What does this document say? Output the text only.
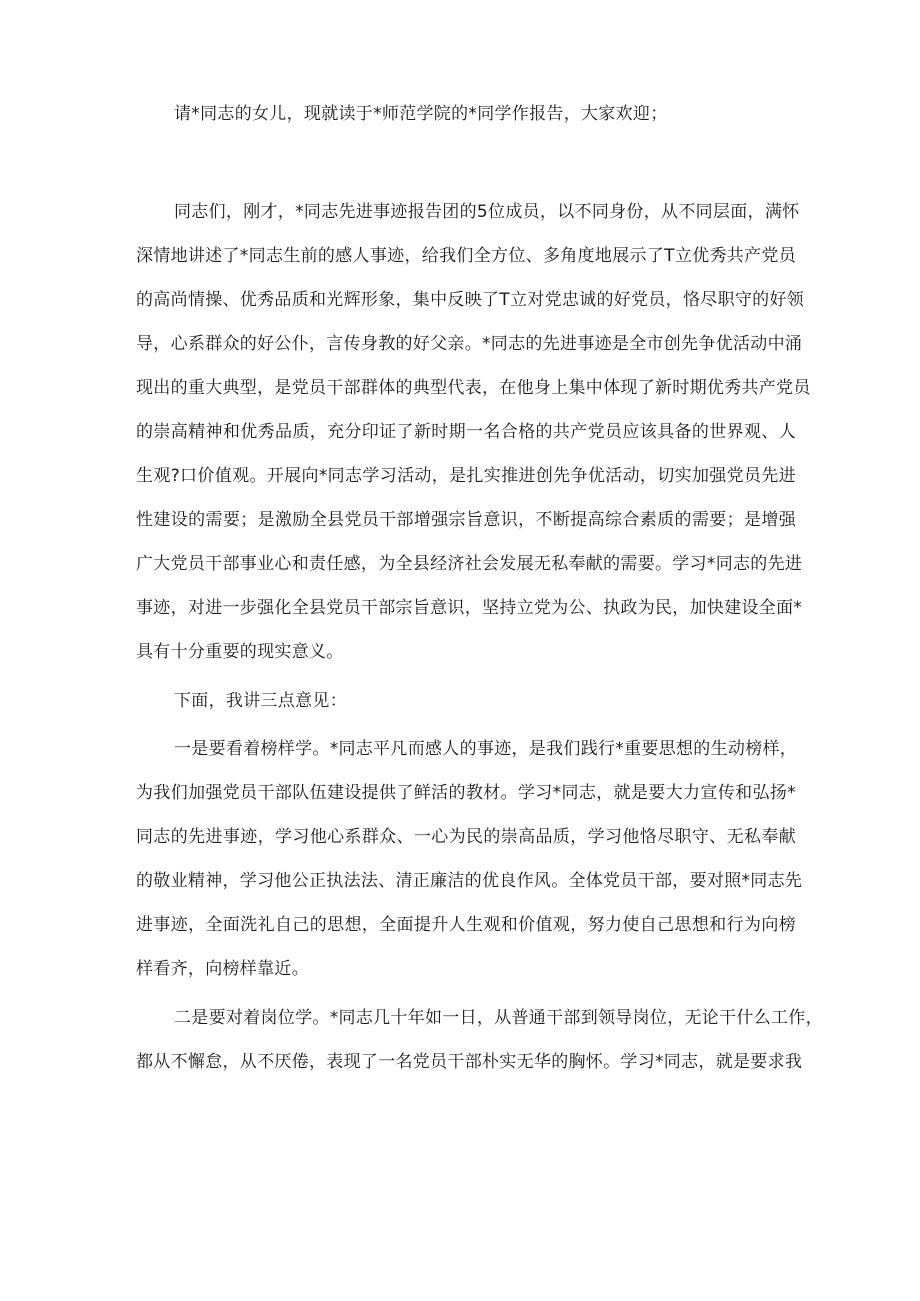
请*同志的女儿，现就读于*师范学院的*同学作报告，大家欢迎；
同志们，刚才，*同志先进事迹报告团的5位成员，以不同身份，从不同层面，满怀
深情地讲述了*同志生前的感人事迹，给我们全方位、多角度地展示了T立优秀共产党员
的高尚情操、优秀品质和光辉形象，集中反映了T立对党忠诚的好党员，恪尽职守的好领
导，心系群众的好公仆，言传身教的好父亲。*同志的先进事迹是全市创先争优活动中涌
现出的重大典型，是党员干部群体的典型代表，在他身上集中体现了新时期优秀共产党员
的崇高精神和优秀品质，充分印证了新时期一名合格的共产党员应该具备的世界观、人
生观?口价值观。开展向*同志学习活动，是扎实推进创先争优活动，切实加强党员先进
性建设的需要；是激励全县党员干部增强宗旨意识，不断提高综合素质的需要；是增强
广大党员干部事业心和责任感，为全县经济社会发展无私奉献的需要。学习*同志的先进
事迹，对进一步强化全县党员干部宗旨意识，坚持立党为公、执政为民，加快建设全面*
具有十分重要的现实意义。
下面，我讲三点意见：
一是要看着榜样学。*同志平凡而感人的事迹，是我们践行*重要思想的生动榜样，
为我们加强党员干部队伍建设提供了鲜活的教材。学习*同志，就是要大力宣传和弘扬*
同志的先进事迹，学习他心系群众、一心为民的崇高品质，学习他恪尽职守、无私奉献
的敬业精神，学习他公正执法法、清正廉洁的优良作风。全体党员干部，要对照*同志先
进事迹，全面洗礼自己的思想，全面提升人生观和价值观，努力使自己思想和行为向榜
样看齐，向榜样靠近。
二是要对着岗位学。*同志几十年如一日，从普通干部到领导岗位，无论干什么工作，
都从不懈怠，从不厌倦，表现了一名党员干部朴实无华的胸怀。学习*同志，就是要求我
